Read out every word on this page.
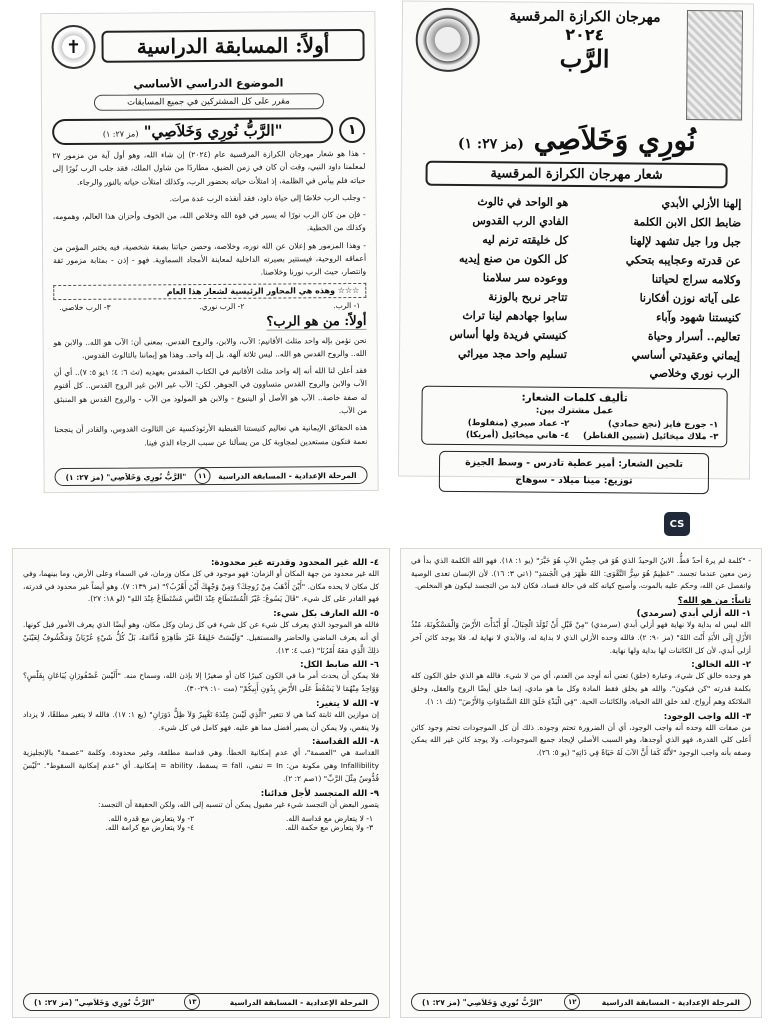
أولاً: المسابقة الدراسية
✝
الموضوع الدراسي الأساسي
مقرر على كل المشتركين في جميع المسابقات
١
"الرَّبُّ نُورِي وَخَلاَصِي" (مز ٢٧: ١)
- هذا هو شعار مهرجان الكرازة المرقسية عام (٢٠٢٤) إن شاء الله، وهو أول آية من مزمور ٢٧ لمعلمنا داود النبي، وقت أن كان في زمن الضيق، مطاردًا من شاول الملك، فقد جلب الرب نُورًا إلى حياته فلم ييأس في الظلمة، إذ امتلأت حياته بحضور الرب، وكذلك امتلأت حياته بالنور والرجاء.
- وجلب الرب خلاصًا إلى حياة داود، فقد أنقذه الرب عدة مرات.
- فإن من كان الرب نورًا له يسير في قوة الله وخلاص الله، من الخوف وأحزان هذا العالم، وهمومه، وكذلك من الخطية.
- وهذا المزمور هو إعلان عن الله نوره، وخلاصه، وحصن حياتنا بصفة شخصية، فيه يختبر المؤمن من أعماقه الروحية، فيستتير بصيرته الداخلية لمعاينة الأمجاد السماوية. فهو - إذن - بمثابة مزمور ثقة وانتصار، حيث الرب نورنا وخلاصنا.
☆☆☆ وهذه هي المحاور الرئيسية لشعار هذا العام
١- الرب.
٢- الرب نوري.
٣- الرب خلاصي.
أولاً: من هو الرب؟
نحن نؤمن بإله واحد مثلث الأقانيم: الآب، والابن، والروح القدس. بمعنى أن: الآب هو الله.. والابن هو الله.. والروح القدس هو الله.. ليس ثلاثة آلهة. بل إله واحد. وهذا هو إيماننا بالثالوث القدوس.
فقد أعلن لنا الله أنه إله واحد مثلث الأقانيم في الكتاب المقدس بعهديه (تث ٦: ٤؛ ١يو ٥: ٧).. أي أن الآب والابن والروح القدس متساوون في الجوهر. لكن: الآب غير الابن غير الروح القدس.. كل أقنوم له صفة خاصة.. الآب هو الأصل أو الينبوع - والابن هو المولود من الآب - والروح القدس هو المنبثق من الآب.
هذه الحقائق الإيمانية هي تعاليم كنيستنا القبطية الأرثوذكسية عن الثالوث القدوس، والقادر أن ينجحنا نعمة فنكون مستعدين لمجاوبة كل من يسألنا عن سبب الرجاء الذي فينا.
المرحلة الإعدادية - المسابقة الدراسية
١١
"الرَّبُّ نُورِي وَخَلاَصِي" (مز ٢٧: ١)
مهرجان الكرازة المرقسية
٢٠٢٤
الرَّب
نُورِي وَخَلاَصِي (مز ٢٧: ١)
شعار مهرجان الكرازة المرقسية
إلهنا الأزلي الأبدي
هو الواحد في ثالوث
ضابط الكل الابن الكلمة
الفادي الرب القدوس
جبل ورا جيل تشهد لإلهنا
كل خليقته ترنم ليه
عن قدرته وعجايبه بتحكي
كل الكون من صنع إيديه
وكلامه سراج لحياتنا
ووعوده سر سلامنا
على آياته نوزن أفكارنا
تتاجر نربح بالوزنة
كنيستنا شهود وآباء
سابوا جهادهم لينا تراث
تعاليم.. أسرار وحياة
كنيستي فريدة ولها أساس
إيماني وعقيدتي أساسي
تسليم واحد مجد ميراثي
الرب نوري وخلاصي
تأليف كلمات الشعار:
عمل مشترك بين:
١- جورج فايز (نجع حمادي)
٢- عماد صبري (منفلوط)
٣- ملاك ميخائيل (شبين القناطر)
٤- هاني ميخائيل (أمريكا)
تلحين الشعار: أمير عطية تادرس - وسط الجيزة
توزيع: مينا ميلاد - سوهاج
CS
- "كلمة لم يرهُ أحدٌ قطُّ. الابنُ الوحيدُ الذي هُوَ في حِضْنِ الآبِ هُوَ خَبَّرَ" (يو ١: ١٨). فهو الله الكلمة الذي بدأ في زمن معين عندما تجسد. "عَظِيمٌ هُوَ سِرُّ التَّقْوَى: اللهُ ظَهَرَ فِي الْجَسَدِ" (١تي ٣: ١٦). لأن الإنسان تعدى الوصية وانفصل عن الله، وحكم عليه بالموت، وأصبح كيانه كله في حالة فساد، فكان لابد من التجسد ليكون هو المخلص.
ثانياً: من هو الله؟
١- الله أزلي أبدي (سرمدي)
الله ليس له بداية ولا نهاية فهو أزلي أبدي (سرمدي) "مِنْ قَبْلِ أَنْ تُوْلَدَ الْجِبَالُ، أَوْ أَبْدَأْتَ الأَرْضَ وَالْمَسْكُونَةَ، مُنْذُ الأَزَلِ إِلَى الأَبَدِ أَنْتَ اللهُ" (مز ٩٠: ٢). فالله وحده الأزلي الذي لا بداية له، والأبدي لا نهاية له. فلا يوجد كائن آخر أزلي أبدي، لأن كل الكائنات لها بداية ولها نهاية.
٢- الله الخالق:
هو وحده خالق كل شيء، وعبارة (خلق) تعني أنه أوجد من العدم، أي من لا شيء. فالله هو الذي خلق الكون كله بكلمة قدرته "كن فيكون". والله هو يخلق فقط المادة وكل ما هو مادي، إنما خلق أيضًا الروح والعقل، وخلق الملائكة وهم أرواح. لقد خلق الله الحياة، والكائنات الحية. "فِي الْبَدْءِ خَلَقَ اللهُ السَّمَاوَاتِ وَالأَرْضَ" (تك ١: ١).
٣- الله واجب الوجود:
من صفات الله وحده أنه واجب الوجود، أي أن الضرورة تحتم وجوده. ذلك أن كل الموجودات تحتم وجود كائن أعلى كلي القدرة، فهو الذي أوجدها، وهو السبب الأصلي لإيجاد جميع الموجودات. ولا يوجد كائن غير الله يمكن وصفه بأنه واجب الوجود "لأَنَّهُ كَمَا أَنَّ الآبَ لَهُ حَيَاةٌ فِي ذَاتِهِ" (يو ٥: ٢٦).
المرحلة الإعدادية - المسابقة الدراسية
١٢
"الرَّبُّ نُورِي وَخَلاَصِي" (مز ٢٧: ١)
٤- الله غير المحدود وقدرته غير محدودة:
الله غير محدود من جهة المكان أو الزمان: فهو موجود في كل مكان وزمان، في السماء وعلى الأرض، وما بينهما، وفي كل مكان لا يحده مكان. "أَيْنَ أَذْهَبُ مِنْ رُوحِكَ؟ وَمِنْ وَجْهِكَ أَيْنَ أَهْرُبُ؟" (مز ١٣٩: ٧). وهو أيضاً غير محدود في قدرته، فهو القادر على كل شيء. "قَالَ يَسُوعُ: غَيْرُ الْمُسْتَطَاعِ عِنْدَ النَّاسِ مُسْتَطَاعٌ عِنْدَ اللهِ" (لو ١٨: ٢٧).
٥- الله العارف بكل شيء:
فالله هو الموجود الذي يعرف كل شيء عن كل شيء في كل زمان وكل مكان، وهو أيضًا الذي يعرف الأمور قبل كونها. أي أنه يعرف الماضي والحاضر والمستقبل. "وَلَيْسَتْ خَلِيقَةٌ غَيْرَ ظَاهِرَةٍ قُدَّامَهُ، بَلْ كُلُّ شَيْءٍ عُرْيَانٌ وَمَكْشُوفٌ لِعَيْنَيْ ذلِكَ الَّذِي مَعَهُ أَمْرُنَا" (عب ٤: ١٣).
٦- الله ضابط الكل:
فلا يمكن أن يحدث أمر ما في الكون كبيرًا كان أو صغيرًا إلا بإذن الله، وسماح منه. "أَلَيْسَ عُصْفُورَانِ يُبَاعَانِ بِفَلْسٍ؟ وَوَاحِدٌ مِنْهُمَا لاَ يَسْقُطُ عَلَى الأَرْضِ بِدُونِ أَبِيكُمْ" (مت ١٠: ٢٩-٣٠).
٧- الله لا يتغير:
إن موازين الله ثابتة كما هي لا تتغير "الَّذِي لَيْسَ عِنْدَهُ تَغْيِيرٌ وَلاَ ظِلُّ دَوَرَانٍ" (يع ١: ١٧). فالله لا يتغير مطلقًا، لا يزداد ولا ينقص، ولا يمكن أن يصير أفضل مما هو عليه. فهو كامل في كل شيء.
٨- الله القداسة:
القداسة هي "العصمة"، أي عدم إمكانية الخطأ. وهي قداسة مطلقة، وغير محدودة. وكلمة "عصمة" بالإنجليزية Infallibility وهي مكونة من: In = تنفي، fall = يسقط، ability = إمكانية. أي "عدم إمكانية السقوط". "لَيْسَ قُدُّوسٌ مِثْلَ الرَّبِّ" (١صم ٢: ٢).
٩- الله المتجسد لأجل فدائنا:
يتصور البعض أن التجسد شيء غير مقبول يمكن أن تنسبه إلى الله، ولكن الحقيقة أن التجسد:
١- لا يتعارض مع قداسة الله.
٢- ولا يتعارض مع قدرة الله.
٣- ولا يتعارض مع حكمة الله.
٤- ولا يتعارض مع كرامة الله.
المرحلة الإعدادية - المسابقة الدراسية
١٣
"الرَّبُّ نُورِي وَخَلاَصِي" (مز ٢٧: ١)
